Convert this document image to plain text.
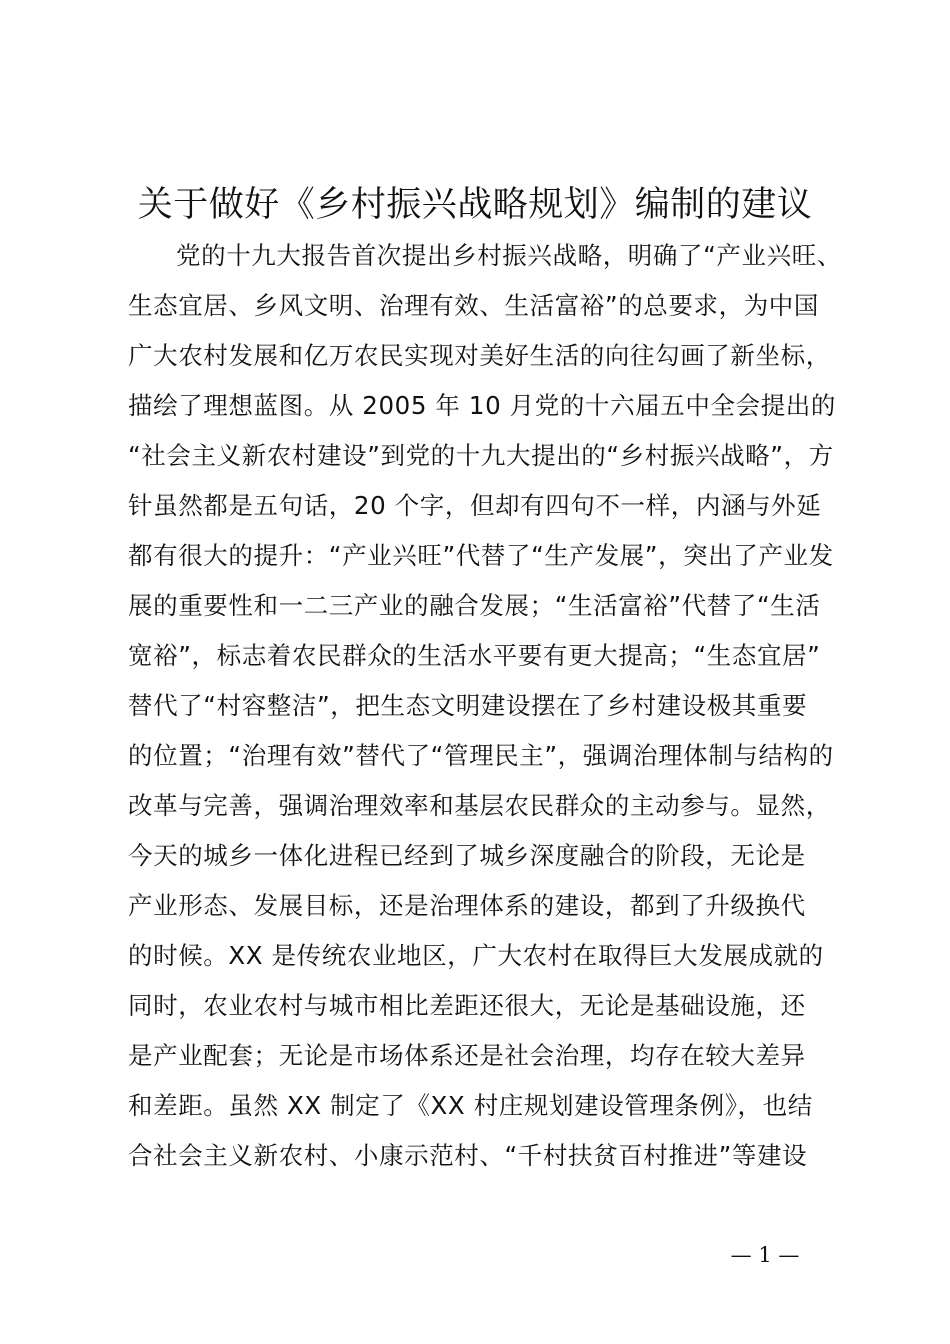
关于做好《乡村振兴战略规划》编制的建议
党的十九大报告首次提出乡村振兴战略，明确了“产业兴旺、
生态宜居、乡风文明、治理有效、生活富裕”的总要求，为中国
广大农村发展和亿万农民实现对美好生活的向往勾画了新坐标，
描绘了理想蓝图。从 2005 年 10 月党的十六届五中全会提出的
“社会主义新农村建设”到党的十九大提出的“乡村振兴战略”，方
针虽然都是五句话，20 个字，但却有四句不一样，内涵与外延
都有很大的提升：“产业兴旺”代替了“生产发展”，突出了产业发
展的重要性和一二三产业的融合发展；“生活富裕”代替了“生活
宽裕”，标志着农民群众的生活水平要有更大提高；“生态宜居”
替代了“村容整洁”，把生态文明建设摆在了乡村建设极其重要
的位置；“治理有效”替代了“管理民主”，强调治理体制与结构的
改革与完善，强调治理效率和基层农民群众的主动参与。显然，
今天的城乡一体化进程已经到了城乡深度融合的阶段，无论是
产业形态、发展目标，还是治理体系的建设，都到了升级换代
的时候。XX 是传统农业地区，广大农村在取得巨大发展成就的
同时，农业农村与城市相比差距还很大，无论是基础设施，还
是产业配套；无论是市场体系还是社会治理，均存在较大差异
和差距。虽然 XX 制定了《XX 村庄规划建设管理条例》，也结
合社会主义新农村、小康示范村、“千村扶贫百村推进”等建设
— 1 —
